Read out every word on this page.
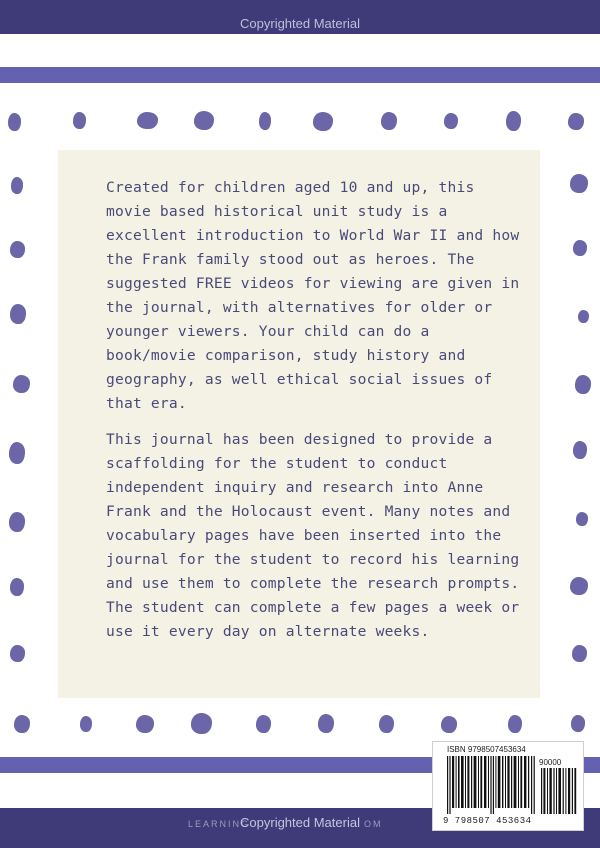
Copyrighted Material

Created for children aged 10 and up, this movie based historical unit study is a excellent introduction to World War II and how the Frank family stood out as heroes. The suggested FREE videos for viewing are given in the journal, with alternatives for older or younger viewers. Your child can do a book/movie comparison, study history and geography, as well ethical social issues of that era.

This journal has been designed to provide a scaffolding for the student to conduct independent inquiry and research into Anne Frank and the Holocaust event. Many notes and vocabulary pages have been inserted into the journal for the student to record his learning and use them to complete the research prompts. The student can complete a few pages a week or use it every day on alternate weeks.

LEARNING	OM
Copyrighted Material
ISBN 9798507453634
90000
9 798507 453634
